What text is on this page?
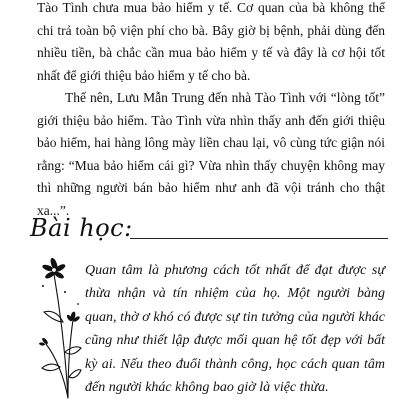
Tào Tình chưa mua bảo hiểm y tế. Cơ quan của bà không thể chi trả toàn bộ viện phí cho bà. Bây giờ bị bệnh, phải dùng đến nhiều tiền, bà chắc cần mua bảo hiểm y tế và đây là cơ hội tốt nhất để giới thiệu bảo hiểm y tế cho bà.

Thế nên, Lưu Mẫn Trung đến nhà Tào Tình với “lòng tốt” giới thiệu bảo hiểm. Tào Tình vừa nhìn thấy anh đến giới thiệu bảo hiểm, hai hàng lông mày liền chau lại, vô cùng tức giận nói rằng: “Mua bảo hiểm cái gì? Vừa nhìn thấy chuyện không may thì những người bán bảo hiểm như anh đã vội tránh cho thật xa...”.

Bài học:

Quan tâm là phương cách tốt nhất để đạt được sự thừa nhận và tín nhiệm của họ. Một người bàng quan, thờ ơ khó có được sự tin tưởng của người khác cũng như thiết lập được mối quan hệ tốt đẹp với bất kỳ ai. Nếu theo đuổi thành công, học cách quan tâm đến người khác không bao giờ là việc thừa.
